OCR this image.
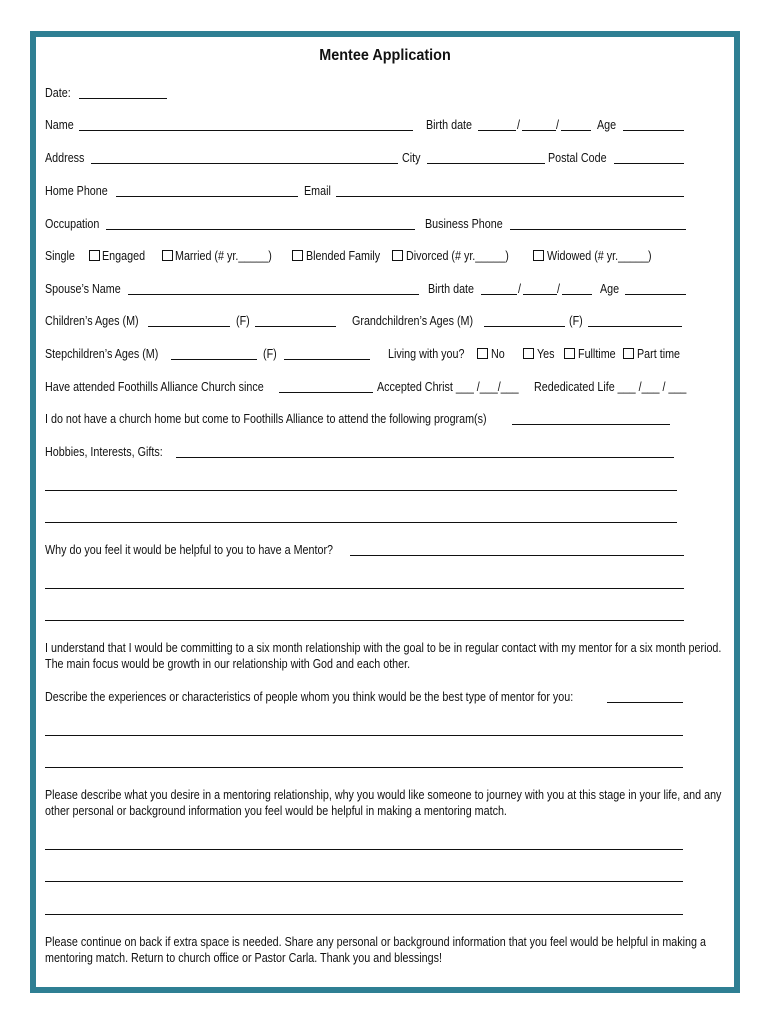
Mentee Application
Date:
Name	Birth date	/	/	Age
Address	City	Postal Code
Home Phone	Email
Occupation	Business Phone
Single Engaged Married (# yr._____)	Blended Family Divorced (# yr._____)	Widowed (# yr._____)
Spouse’s Name	Birth date	/	/	Age
Children’s Ages (M)	(F)	Grandchildren’s Ages (M)	(F)
Stepchildren’s Ages (M)	(F)	Living with you? No	Yes Fulltime Part time
Have attended Foothills Alliance Church since	Accepted Christ ___ /___/___ Rededicated Life ___ /___ / ___
I do not have a church home but come to Foothills Alliance to attend the following program(s)
Hobbies, Interests, Gifts:
Why do you feel it would be helpful to you to have a Mentor?
I understand that I would be committing to a six month relationship with the goal to be in regular contact with my mentor for a six month period. The main focus would be growth in our relationship with God and each other.
Describe the experiences or characteristics of people whom you think would be the best type of mentor for you:
Please describe what you desire in a mentoring relationship, why you would like someone to journey with you at this stage in your life, and any other personal or background information you feel would be helpful in making a mentoring match.
Please continue on back if extra space is needed. Share any personal or background information that you feel would be helpful in making a mentoring match. Return to church office or Pastor Carla. Thank you and blessings!
